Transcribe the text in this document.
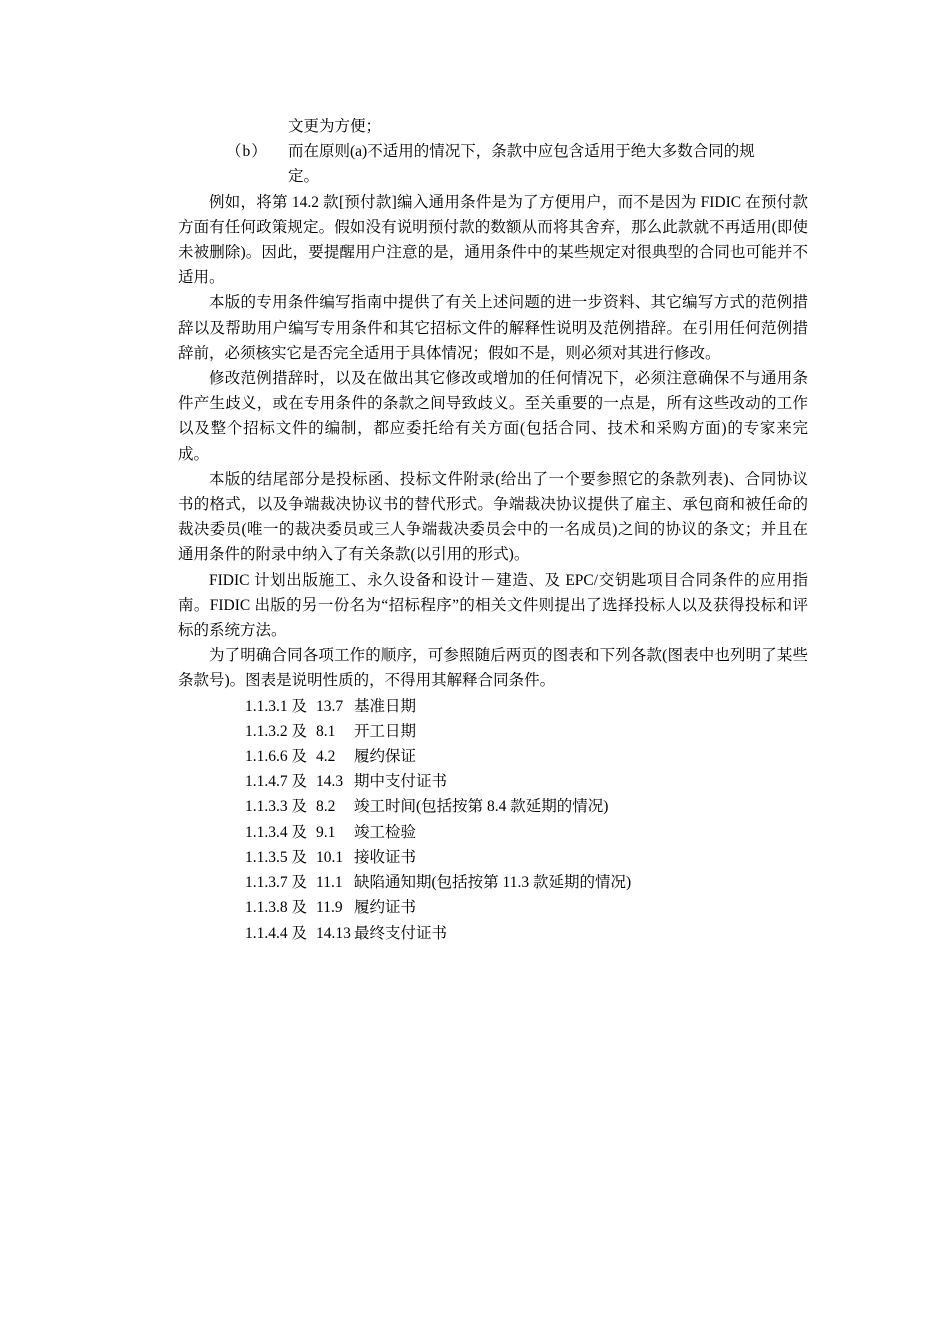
文更为方便；

（b）	而在原则(a)不适用的情况下，条款中应包含适用于绝大多数合同的规
定。

例如，将第 14.2 款[预付款]编入通用条件是为了方便用户，而不是因为 FIDIC 在预付款方面有任何政策规定。假如没有说明预付款的数额从而将其舍弃，那么此款就不再适用(即使未被删除)。因此，要提醒用户注意的是，通用条件中的某些规定对很典型的合同也可能并不适用。

本版的专用条件编写指南中提供了有关上述问题的进一步资料、其它编写方式的范例措辞以及帮助用户编写专用条件和其它招标文件的解释性说明及范例措辞。在引用任何范例措辞前，必须核实它是否完全适用于具体情况；假如不是，则必须对其进行修改。

修改范例措辞时，以及在做出其它修改或增加的任何情况下，必须注意确保不与通用条件产生歧义，或在专用条件的条款之间导致歧义。至关重要的一点是，所有这些改动的工作以及整个招标文件的编制，都应委托给有关方面(包括合同、技术和采购方面)的专家来完成。

本版的结尾部分是投标函、投标文件附录(给出了一个要参照它的条款列表)、合同协议书的格式，以及争端裁决协议书的替代形式。争端裁决协议提供了雇主、承包商和被任命的裁决委员(唯一的裁决委员或三人争端裁决委员会中的一名成员)之间的协议的条文；并且在通用条件的附录中纳入了有关条款(以引用的形式)。

FIDIC 计划出版施工、永久设备和设计－建造、及 EPC/交钥匙项目合同条件的应用指南。FIDIC 出版的另一份名为“招标程序”的相关文件则提出了选择投标人以及获得投标和评标的系统方法。

为了明确合同各项工作的顺序，可参照随后两页的图表和下列各款(图表中也列明了某些条款号)。图表是说明性质的，不得用其解释合同条件。

1.1.3.1 及 13.7 基准日期
1.1.3.2 及 8.1	开工日期
1.1.6.6 及 4.2	履约保证
1.1.4.7 及 14.3 期中支付证书
1.1.3.3 及 8.2	竣工时间(包括按第 8.4 款延期的情况)
1.1.3.4 及 9.1	竣工检验
1.1.3.5 及 10.1 接收证书
1.1.3.7 及 11.1 缺陷通知期(包括按第 11.3 款延期的情况)
1.1.3.8 及 11.9 履约证书
1.1.4.4 及 14.13 最终支付证书
